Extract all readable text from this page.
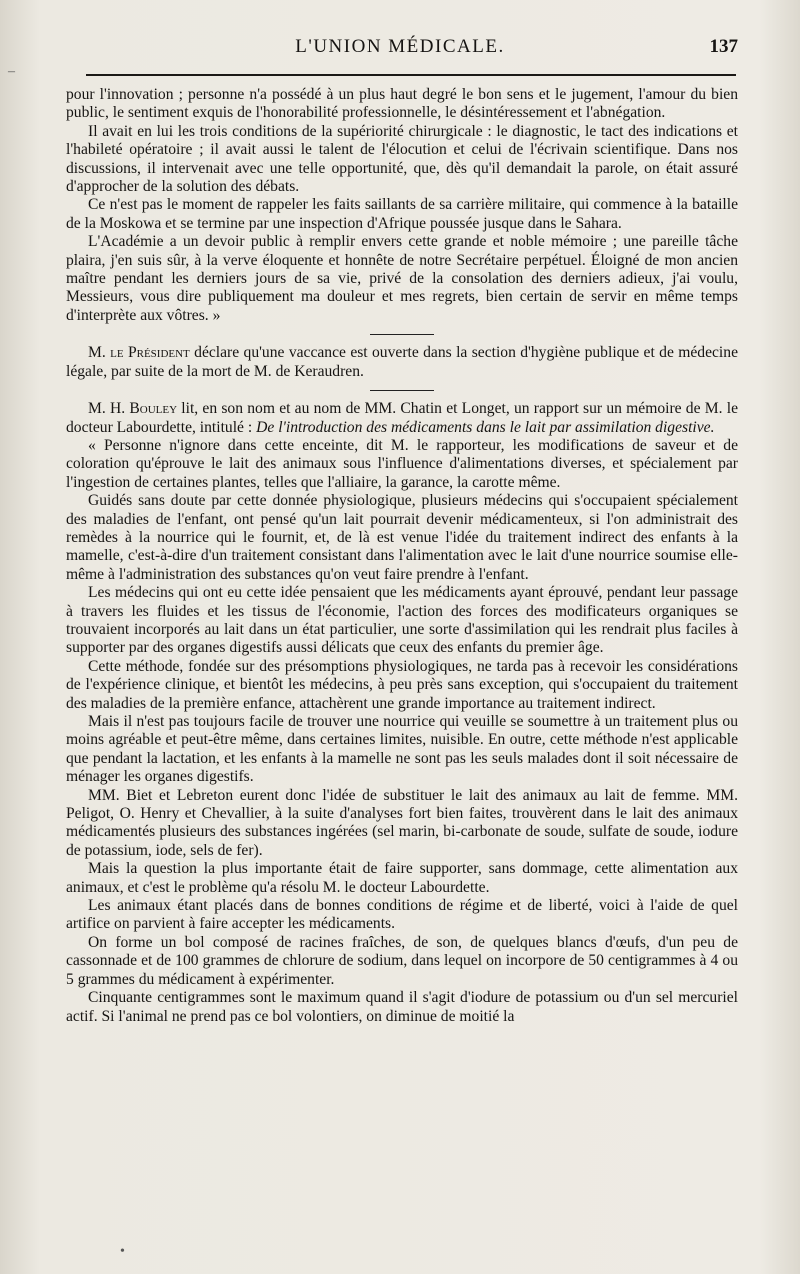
L'UNION MÉDICALE.	137
–
•

pour l'innovation ; personne n'a possédé à un plus haut degré le bon sens et le jugement, l'amour du bien public, le sentiment exquis de l'honorabilité professionnelle, le désintéressement et l'abnégation.

Il avait en lui les trois conditions de la supériorité chirurgicale : le diagnostic, le tact des indications et l'habileté opératoire ; il avait aussi le talent de l'élocution et celui de l'écrivain scientifique. Dans nos discussions, il intervenait avec une telle opportunité, que, dès qu'il demandait la parole, on était assuré d'approcher de la solution des débats.

Ce n'est pas le moment de rappeler les faits saillants de sa carrière militaire, qui commence à la bataille de la Moskowa et se termine par une inspection d'Afrique poussée jusque dans le Sahara.

L'Académie a un devoir public à remplir envers cette grande et noble mémoire ; une pareille tâche plaira, j'en suis sûr, à la verve éloquente et honnête de notre Secrétaire perpétuel. Éloigné de mon ancien maître pendant les derniers jours de sa vie, privé de la consolation des derniers adieux, j'ai voulu, Messieurs, vous dire publiquement ma douleur et mes regrets, bien certain de servir en même temps d'interprète aux vôtres. »

M. le Président déclare qu'une vaccance est ouverte dans la section d'hygiène publique et de médecine légale, par suite de la mort de M. de Keraudren.

M. H. Bouley lit, en son nom et au nom de MM. Chatin et Longet, un rapport sur un mémoire de M. le docteur Labourdette, intitulé : De l'introduction des médicaments dans le lait par assimilation digestive.

« Personne n'ignore dans cette enceinte, dit M. le rapporteur, les modifications de saveur et de coloration qu'éprouve le lait des animaux sous l'influence d'alimentations diverses, et spécialement par l'ingestion de certaines plantes, telles que l'alliaire, la garance, la carotte même.

Guidés sans doute par cette donnée physiologique, plusieurs médecins qui s'occupaient spécialement des maladies de l'enfant, ont pensé qu'un lait pourrait devenir médicamenteux, si l'on administrait des remèdes à la nourrice qui le fournit, et, de là est venue l'idée du traitement indirect des enfants à la mamelle, c'est-à-dire d'un traitement consistant dans l'alimentation avec le lait d'une nourrice soumise elle-même à l'administration des substances qu'on veut faire prendre à l'enfant.

Les médecins qui ont eu cette idée pensaient que les médicaments ayant éprouvé, pendant leur passage à travers les fluides et les tissus de l'économie, l'action des forces des modificateurs organiques se trouvaient incorporés au lait dans un état particulier, une sorte d'assimilation qui les rendrait plus faciles à supporter par des organes digestifs aussi délicats que ceux des enfants du premier âge.

Cette méthode, fondée sur des présomptions physiologiques, ne tarda pas à recevoir les considérations de l'expérience clinique, et bientôt les médecins, à peu près sans exception, qui s'occupaient du traitement des maladies de la première enfance, attachèrent une grande importance au traitement indirect.

Mais il n'est pas toujours facile de trouver une nourrice qui veuille se soumettre à un traitement plus ou moins agréable et peut-être même, dans certaines limites, nuisible. En outre, cette méthode n'est applicable que pendant la lactation, et les enfants à la mamelle ne sont pas les seuls malades dont il soit nécessaire de ménager les organes digestifs.

MM. Biet et Lebreton eurent donc l'idée de substituer le lait des animaux au lait de femme. MM. Peligot, O. Henry et Chevallier, à la suite d'analyses fort bien faites, trouvèrent dans le lait des animaux médicamentés plusieurs des substances ingérées (sel marin, bi-carbonate de soude, sulfate de soude, iodure de potassium, iode, sels de fer).

Mais la question la plus importante était de faire supporter, sans dommage, cette alimentation aux animaux, et c'est le problème qu'a résolu M. le docteur Labourdette.

Les animaux étant placés dans de bonnes conditions de régime et de liberté, voici à l'aide de quel artifice on parvient à faire accepter les médicaments.

On forme un bol composé de racines fraîches, de son, de quelques blancs d'œufs, d'un peu de cassonnade et de 100 grammes de chlorure de sodium, dans lequel on incorpore de 50 centigrammes à 4 ou 5 grammes du médicament à expérimenter.

Cinquante centigrammes sont le maximum quand il s'agit d'iodure de potassium ou d'un sel mercuriel actif. Si l'animal ne prend pas ce bol volontiers, on diminue de moitié la
